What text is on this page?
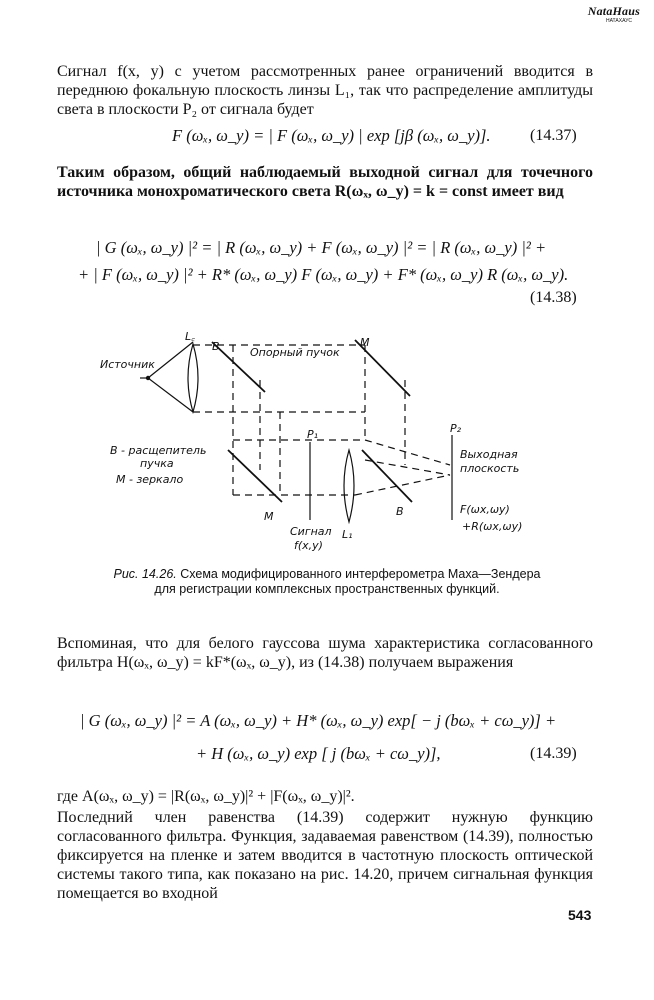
NataHaus
НАТАХАУС

Сигнал f(x, y) с учетом рассмотренных ранее ограничений вводится в переднюю фокальную плоскость линзы L₁, так что распределение амплитуды света в плоскости P₂ от сигнала будет

F (ωₓ, ω_y) = | F (ωₓ, ω_y) | exp [jβ (ωₓ, ω_y)]. (14.37)

Таким образом, общий наблюдаемый выходной сигнал для точечного источника монохроматического света R(ωₓ, ω_y) = k = const имеет вид

| G (ωₓ, ω_y) |² = | R (ωₓ, ω_y) + F (ωₓ, ω_y) |² = | R (ωₓ, ω_y) |² +
+ | F (ωₓ, ω_y) |² + R* (ωₓ, ω_y) F (ωₓ, ω_y) + F* (ωₓ, ω_y) R (ωₓ, ω_y).
(14.38)
L꜀
B	M
Опорный пучок
Источник
P₁	P₂
B - расщепитель
пучка
M - зеркало
M	B
L₁
Сигнал
f(x,y)
Выходная
плоскость
F(ωx,ωy)
+R(ωx,ωy)
Рис. 14.26. Схема модифицированного интерферометра Маха—Зендера для регистрации комплексных пространственных функций.

Вспоминая, что для белого гауссова шума характеристика согласованного фильтра H(ωₓ, ω_y) = kF*(ωₓ, ω_y), из (14.38) получаем выражения

| G (ωₓ, ω_y) |² = A (ωₓ, ω_y) + H* (ωₓ, ω_y) exp[ − j (bωₓ + cω_y)] +
+ H (ωₓ, ω_y) exp [ j (bωₓ + cω_y)],	(14.39)

где A(ωₓ, ω_y) = |R(ωₓ, ω_y)|² + |F(ωₓ, ω_y)|².

Последний член равенства (14.39) содержит нужную функцию согласованного фильтра. Функция, задаваемая равенством (14.39), полностью фиксируется на пленке и затем вводится в частотную плоскость оптической системы такого типа, как показано на рис. 14.20, причем сигнальная функция помещается во входной

543
